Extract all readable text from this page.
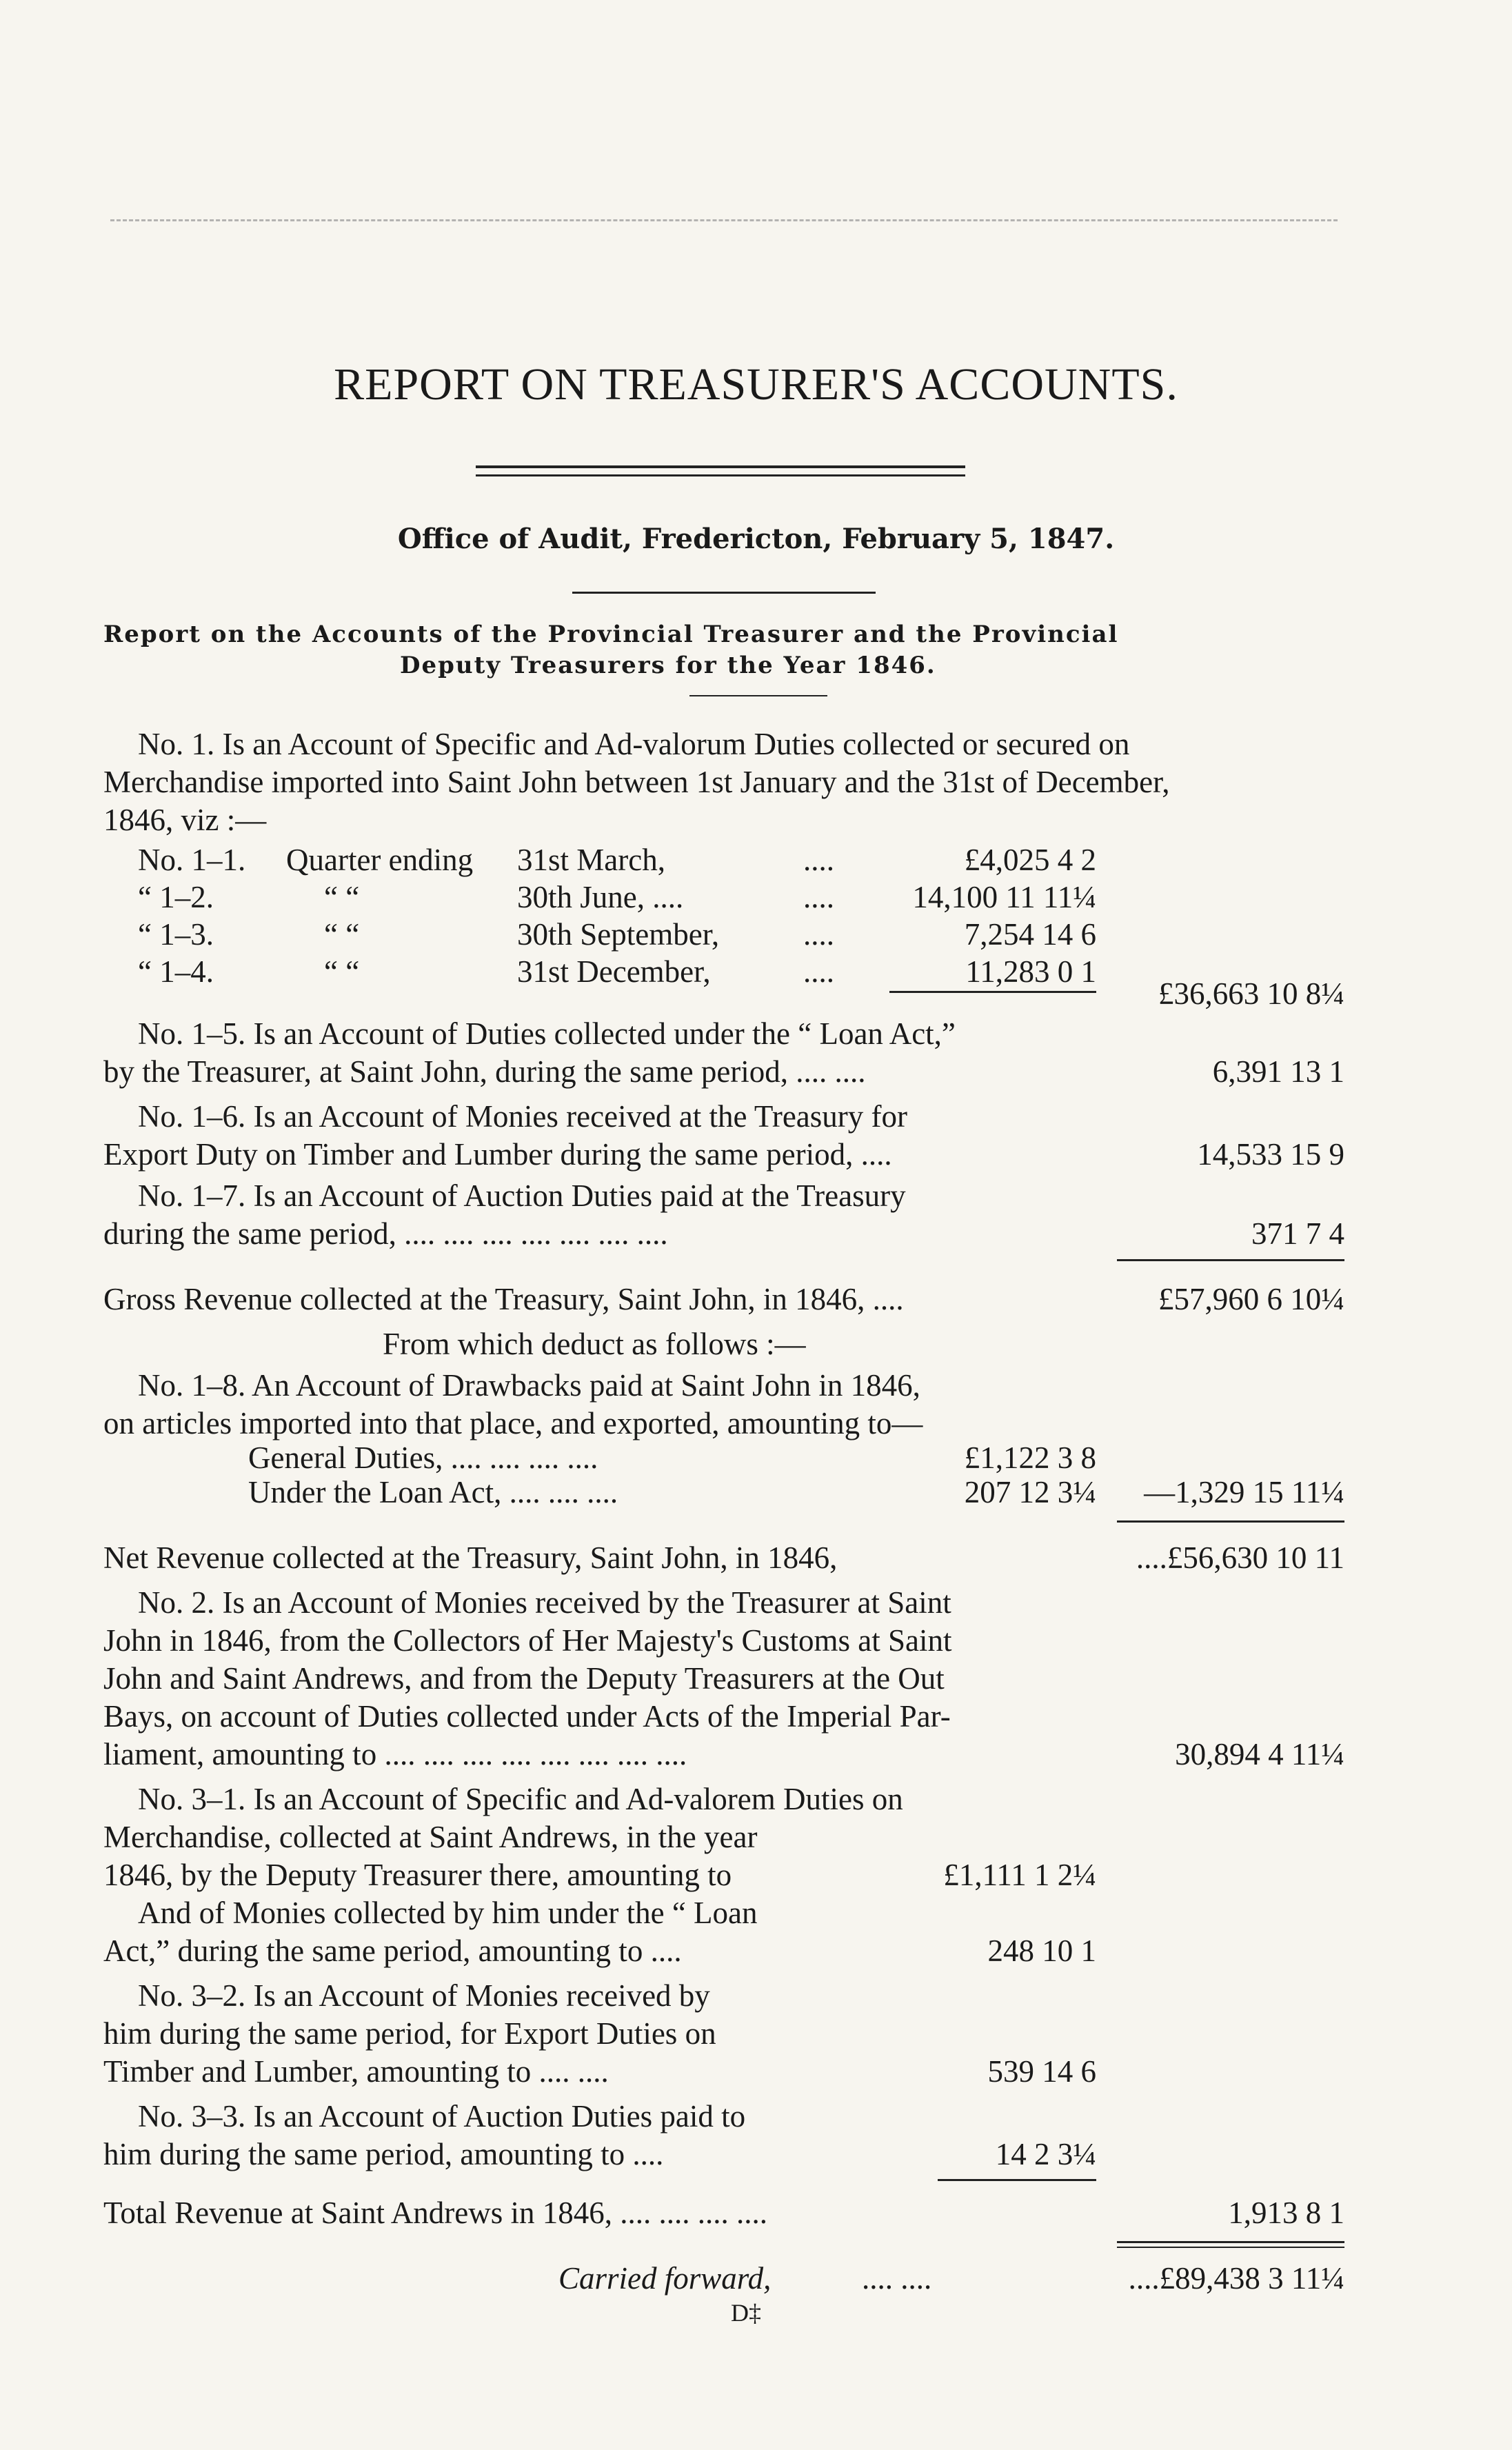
REPORT ON TREASURER'S ACCOUNTS.
Office of Audit, Fredericton, February 5, 1847.
Report on the Accounts of the Provincial Treasurer and the Provincial
Deputy Treasurers for the Year 1846.
No. 1. Is an Account of Specific and Ad-valorum Duties collected or secured on
Merchandise imported into Saint John between 1st January and the 31st of December,
1846, viz :—
No. 1–1. Quarter ending 31st March,	....	£4,025 4 2
“ 1–2.	“ “	30th June, ....	....	14,100 11 11¼
“ 1–3.	“ “	30th September,	....	7,254 14 6
“ 1–4.	“ “	31st December,	....	11,283 0 1
£36,663 10 8¼
No. 1–5. Is an Account of Duties collected under the “ Loan Act,”
by the Treasurer, at Saint John, during the same period, .... ....	6,391 13 1
No. 1–6. Is an Account of Monies received at the Treasury for
Export Duty on Timber and Lumber during the same period, ....	14,533 15 9
No. 1–7. Is an Account of Auction Duties paid at the Treasury
during the same period, .... .... .... .... .... .... ....	371 7 4
Gross Revenue collected at the Treasury, Saint John, in 1846, ....	£57,960 6 10¼
From which deduct as follows :—
No. 1–8. An Account of Drawbacks paid at Saint John in 1846,
on articles imported into that place, and exported, amounting to—
General Duties, .... .... .... ....	£1,122 3 8
Under the Loan Act, .... .... ....	207 12 3¼	—1,329 15 11¼
Net Revenue collected at the Treasury, Saint John, in 1846,	....£56,630 10 11
No. 2. Is an Account of Monies received by the Treasurer at Saint
John in 1846, from the Collectors of Her Majesty's Customs at Saint
John and Saint Andrews, and from the Deputy Treasurers at the Out
Bays, on account of Duties collected under Acts of the Imperial Par-
liament, amounting to .... .... .... .... .... .... .... ....	30,894 4 11¼
No. 3–1. Is an Account of Specific and Ad-valorem Duties on
Merchandise, collected at Saint Andrews, in the year
1846, by the Deputy Treasurer there, amounting to	£1,111 1 2¼
And of Monies collected by him under the “ Loan
Act,” during the same period, amounting to ....	248 10 1
No. 3–2. Is an Account of Monies received by
him during the same period, for Export Duties on
Timber and Lumber, amounting to .... ....	539 14 6
No. 3–3. Is an Account of Auction Duties paid to
him during the same period, amounting to ....	14 2 3¼
Total Revenue at Saint Andrews in 1846, .... .... .... ....	1,913 8 1
Carried forward,	.... ....	....£89,438 3 11¼
D‡
